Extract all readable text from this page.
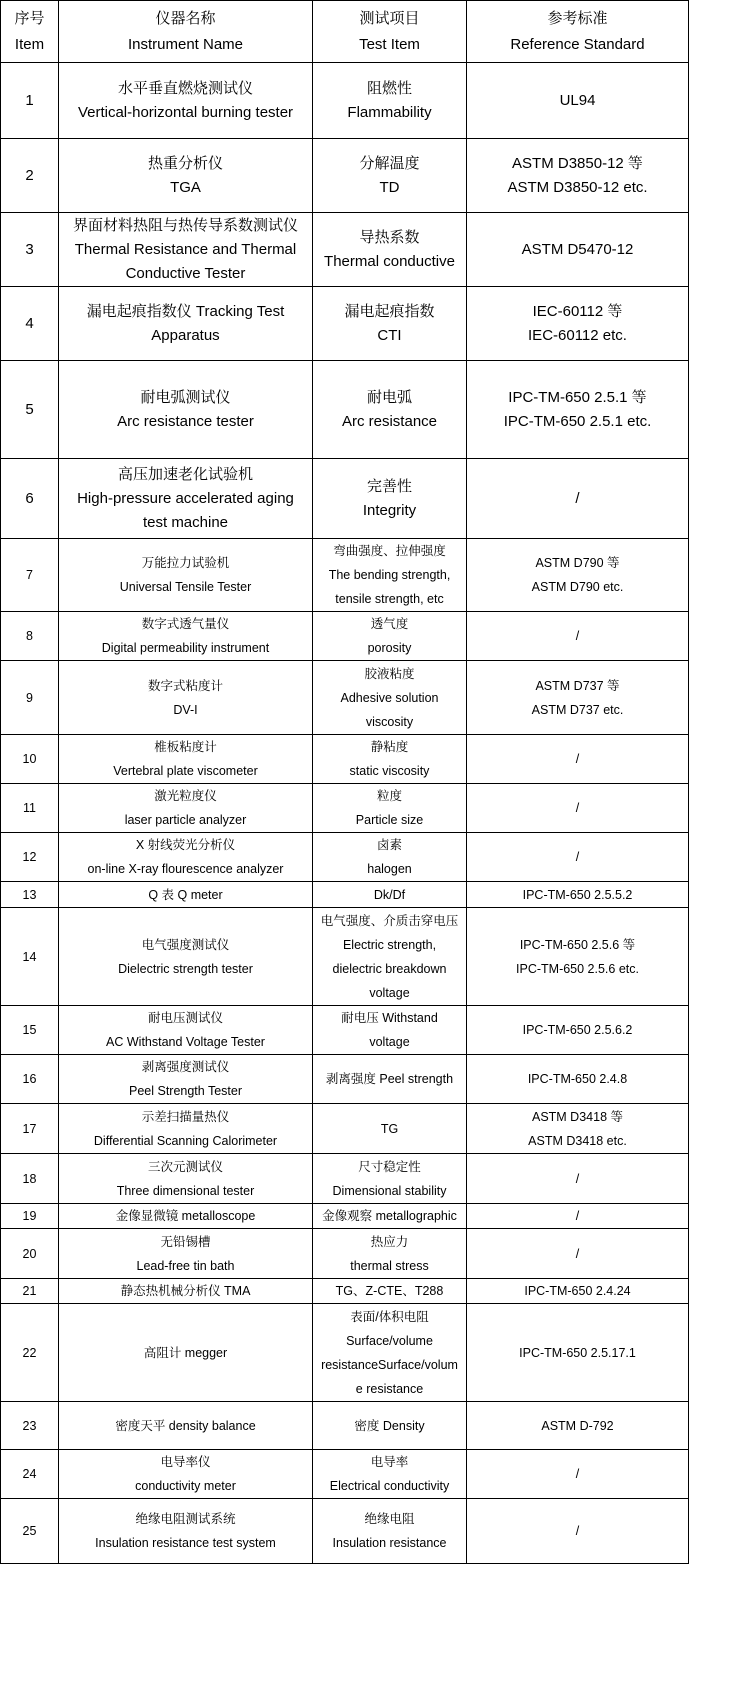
序号
Item	仪器名称
Instrument Name	测试项目
Test Item	参考标准
Reference Standard

1	水平垂直燃烧测试仪
Vertical-horizontal burning tester	阻燃性
Flammability	UL94

2	热重分析仪
TGA	分解温度
TD	ASTM D3850-12 等
ASTM D3850-12 etc.

3	界面材料热阻与热传导系数测试仪
Thermal Resistance and Thermal
Conductive Tester	导热系数
Thermal conductive	ASTM D5470-12

4	漏电起痕指数仪 Tracking Test
Apparatus	漏电起痕指数
CTI	IEC-60112 等
IEC-60112 etc.

5	耐电弧测试仪
Arc resistance tester	耐电弧
Arc resistance	IPC-TM-650 2.5.1 等
IPC-TM-650 2.5.1 etc.

6	高压加速老化试验机
High-pressure accelerated aging
test machine	完善性
Integrity	/

7	万能拉力试验机
Universal Tensile Tester	弯曲强度、拉伸强度
The bending strength,
tensile strength, etc	ASTM D790 等
ASTM D790 etc.

8	数字式透气量仪
Digital permeability instrument	透气度
porosity	/

9	数字式粘度计
DV-I	胶液粘度
Adhesive solution
viscosity	ASTM D737 等
ASTM D737 etc.

10	椎板粘度计
Vertebral plate viscometer	静粘度
static viscosity	/

11	激光粒度仪
laser particle analyzer	粒度
Particle size	/

12	X 射线荧光分析仪
on-line X-ray flourescence analyzer	卤素
halogen	/

13	Q 表 Q meter	Dk/Df	IPC-TM-650 2.5.5.2

14	电气强度测试仪
Dielectric strength tester	电气强度、介质击穿电压
Electric strength,
dielectric breakdown
voltage	IPC-TM-650 2.5.6 等
IPC-TM-650 2.5.6 etc.

15	耐电压测试仪
AC Withstand Voltage Tester	耐电压 Withstand
voltage	IPC-TM-650 2.5.6.2

16	剥离强度测试仪
Peel Strength Tester	剥离强度 Peel strength	IPC-TM-650 2.4.8

17	示差扫描量热仪
Differential Scanning Calorimeter	TG	ASTM D3418 等
ASTM D3418 etc.

18	三次元测试仪
Three dimensional tester	尺寸稳定性
Dimensional stability	/

19	金像显微镜 metalloscope	金像观察 metallographic	/

20	无铅锡槽
Lead-free tin bath	热应力
thermal stress	/

21	静态热机械分析仪 TMA	TG、Z-CTE、T288	IPC-TM-650 2.4.24

22	高阻计 megger	表面/体积电阻
Surface/volume
resistanceSurface/volum
e resistance	IPC-TM-650 2.5.17.1

23	密度天平 density balance	密度 Density	ASTM D-792

24	电导率仪
conductivity meter	电导率
Electrical conductivity	/

25	绝缘电阻测试系统
Insulation resistance test system	绝缘电阻
Insulation resistance	/
